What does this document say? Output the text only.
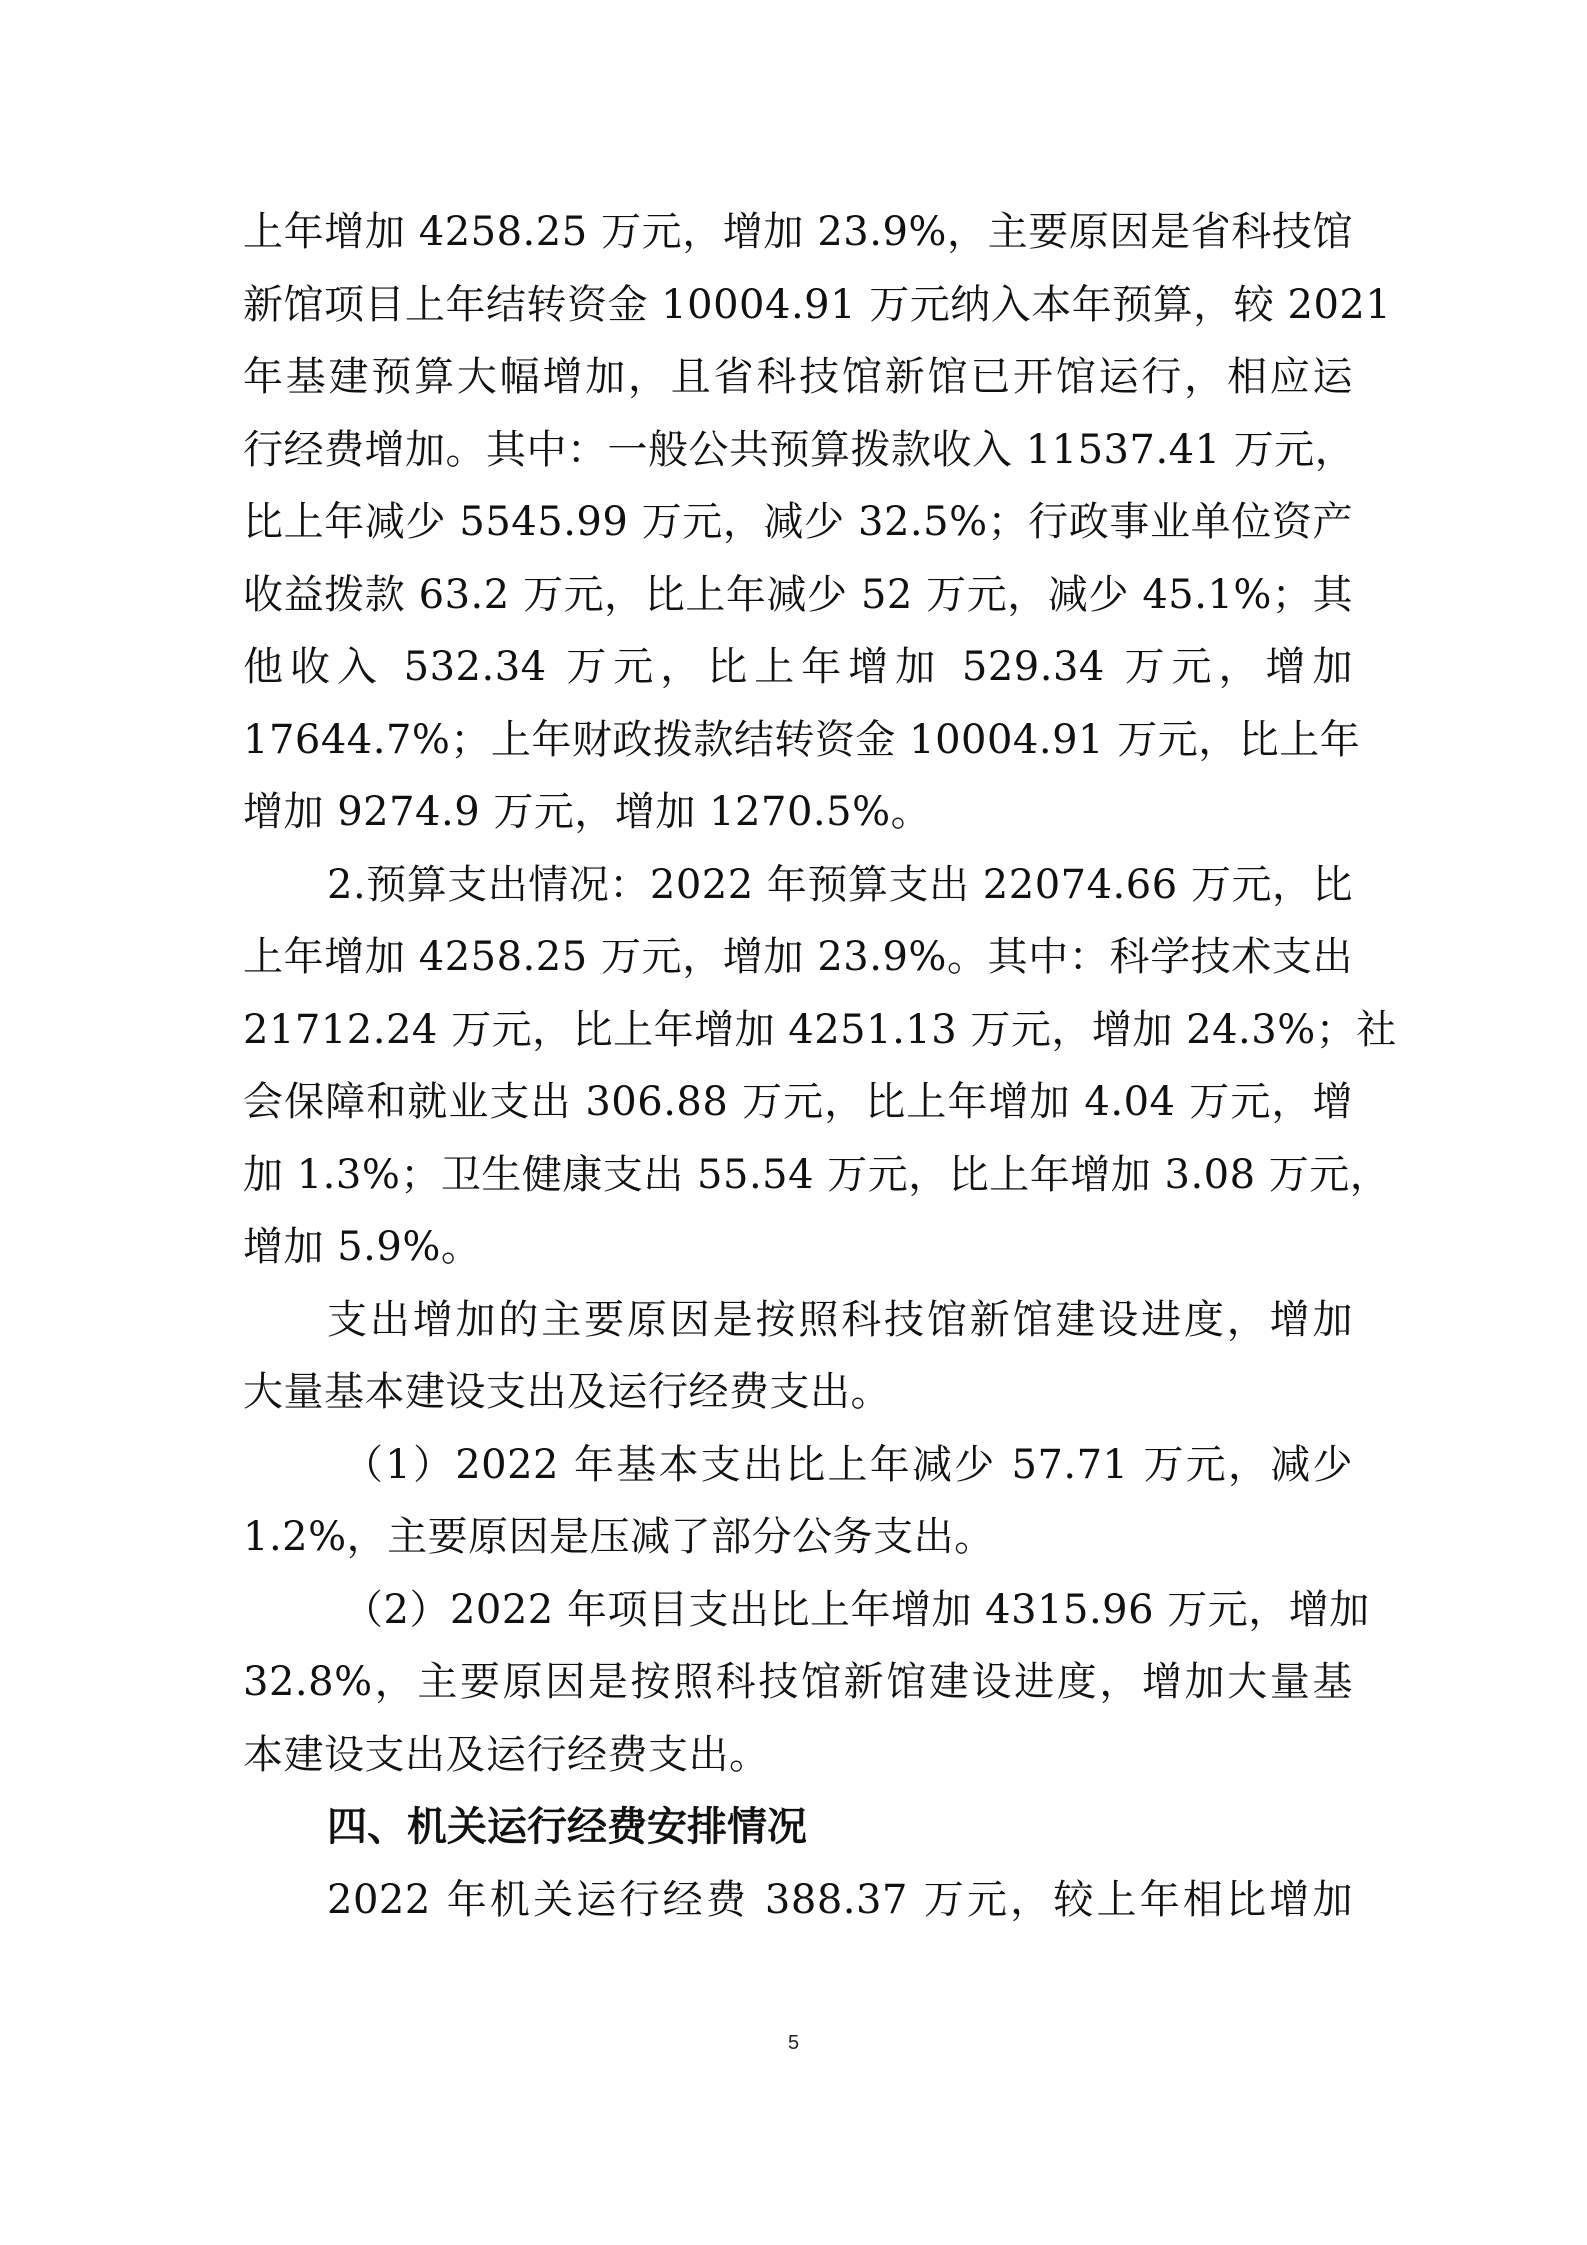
上年增加 4258.25 万元，增加 23.9%，主要原因是省科技馆
新馆项目上年结转资金 10004.91 万元纳入本年预算，较 2021
年基建预算大幅增加，且省科技馆新馆已开馆运行，相应运
行经费增加。其中：一般公共预算拨款收入 11537.41 万元，
比上年减少 5545.99 万元，减少 32.5%；行政事业单位资产
收益拨款 63.2 万元，比上年减少 52 万元，减少 45.1%；其
他收入 532.34 万元，比上年增加 529.34 万元，增加
17644.7%；上年财政拨款结转资金 10004.91 万元，比上年
增加 9274.9 万元，增加 1270.5%。
2.预算支出情况：2022 年预算支出 22074.66 万元，比
上年增加 4258.25 万元，增加 23.9%。其中：科学技术支出
21712.24 万元，比上年增加 4251.13 万元，增加 24.3%；社
会保障和就业支出 306.88 万元，比上年增加 4.04 万元，增
加 1.3%；卫生健康支出 55.54 万元，比上年增加 3.08 万元，
增加 5.9%。
支出增加的主要原因是按照科技馆新馆建设进度，增加
大量基本建设支出及运行经费支出。
（1）2022 年基本支出比上年减少 57.71 万元，减少
1.2%，主要原因是压减了部分公务支出。
（2）2022 年项目支出比上年增加 4315.96 万元，增加
32.8%，主要原因是按照科技馆新馆建设进度，增加大量基
本建设支出及运行经费支出。
四、机关运行经费安排情况
2022 年机关运行经费 388.37 万元，较上年相比增加
5
